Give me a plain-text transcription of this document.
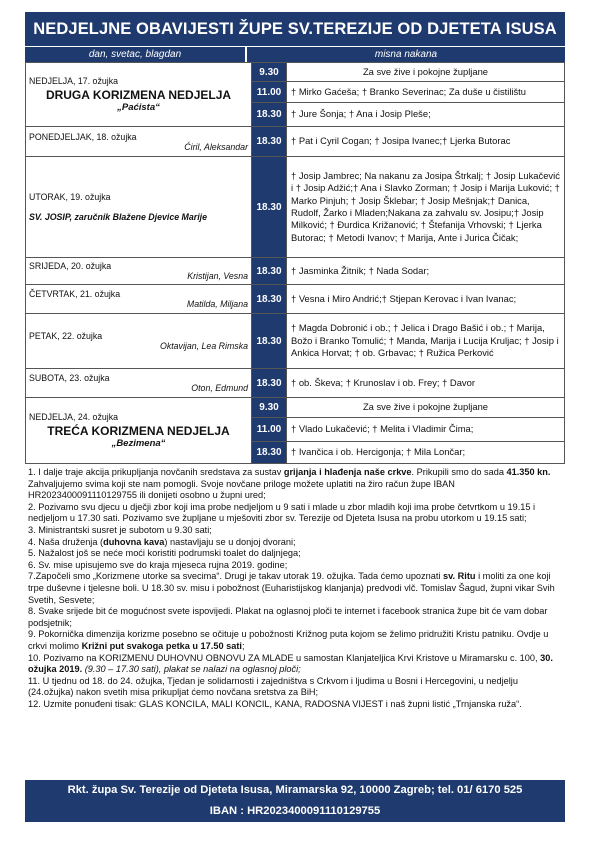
NEDJELJNE OBAVIJESTI ŽUPE SV.TEREZIJE OD DJETETA ISUSA
dan, svetac, blagdan	misna nakana
NEDJELJA, 17. ožujka
DRUGA KORIZMENA NEDJELJA
„Paćista“	9.30	Za sve žive i pokojne župljane
	11.00	† Mirko Gaćeša; † Branko Severinac; Za duše u čistilištu
	18.30	† Jure Šonja; † Ana i Josip Pleše;

PONEDJELJAK, 18. ožujka
Ćiril, Aleksandar	18.30	† Pat i Cyril Cogan; † Josipa Ivanec;† Ljerka Butorac

UTORAK, 19. ožujka
SV. JOSIP, zaručnik Blažene Djevice Marije	18.30	† Josip Jambrec; Na nakanu za Josipa Štrkalj; † Josip Lukačević i † Josip Adžić;† Ana i Slavko Zorman; † Josip i Marija Luković; † Marko Pinjuh; † Josip Šklebar; † Josip Mešnjak;† Danica, Rudolf, Žarko i Mladen;Nakana za zahvalu sv. Josipu;† Josip Milković; † Đurdica Križanović; † Štefanija Vrhovski; † Ljerka Butorac; † Metodi Ivanov; † Marija, Ante i Jurica Čičak;

SRIJEDA, 20. ožujka
Kristijan, Vesna	18.30	† Jasminka Žitnik; † Nada Sodar;

ČETVRTAK, 21. ožujka
Matilda, Miljana	18.30	† Vesna i Miro Andrić;† Stjepan Kerovac i Ivan Ivanac;

PETAK, 22. ožujka
Oktavijan, Lea Rimska	18.30	† Magda Dobronić i ob.; † Jelica i Drago Bašić i ob.; † Marija, Božo i Branko Tomulić; † Manda, Marija i Lucija Kruljac; † Josip i Ankica Horvat; † ob. Grbavac; † Ružica Perković

SUBOTA, 23. ožujka
Oton, Edmund	18.30	† ob. Škeva; † Krunoslav i ob. Frey; † Davor

NEDJELJA, 24. ožujka
TREĆA KORIZMENA NEDJELJA
„Bezimena“	9.30	Za sve žive i pokojne župljane
	11.00	† Vlado Lukačević; † Melita i Vladimir Čima;
	18.30	† Ivančica i ob. Hercigonja; † Mila Lončar;

1. I dalje traje akcija prikupljanja novčanih sredstava za sustav grijanja i hlađenja naše crkve. Prikupili smo do sada 41.350 kn. Zahvaljujemo svima koji ste nam pomogli. Svoje novčane priloge možete uplatiti na žiro račun župe IBAN HR2023400091110129755 ili donijeti osobno u župni ured;

2. Pozivamo svu djecu u dječji zbor koji ima probe nedjeljom u 9 sati i mlade u zbor mladih koji ima probe četvrtkom u 19.15 i nedjeljom u 17.30 sati. Pozivamo sve župljane u mješoviti zbor sv. Terezije od Djeteta Isusa na probu utorkom u 19.15 sati;

3. Ministrantski susret je subotom u 9.30 sati;

4. Naša druženja (duhovna kava) nastavljaju se u donjoj dvorani;

5. Nažalost još se neće moći koristiti podrumski toalet do daljnjega;

6. Sv. mise upisujemo sve do kraja mjeseca rujna 2019. godine;

7.Započeli smo „Korizmene utorke sa svecima“. Drugi je takav utorak 19. ožujka. Tada ćemo upoznati sv. Ritu i moliti za one koji trpe duševne i tjelesne boli. U 18.30 sv. misu i pobožnost (Euharistijskog klanjanja) predvodi vlč. Tomislav Šagud, župni vikar Svih Svetih, Sesvete;

8. Svake srijede bit će mogućnost svete ispovijedi. Plakat na oglasnoj ploči te internet i facebook stranica župe bit će vam dobar podsjetnik;

9. Pokornička dimenzija korizme posebno se očituje u pobožnosti Križnog puta kojom se želimo pridružiti Kristu patniku. Ovdje u crkvi molimo Križni put svakoga petka u 17.50 sati;

10. Pozivamo na KORIZMENU DUHOVNU OBNOVU ZA MLADE u samostan Klanjateljica Krvi Kristove u Miramarsku c. 100, 30. ožujka 2019. (9.30 – 17.30 sati), plakat se nalazi na oglasnoj ploči;

11. U tjednu od 18. do 24. ožujka, Tjedan je solidarnosti i zajedništva s Crkvom i ljudima u Bosni i Hercegovini, u nedjelju (24.ožujka) nakon svetih misa prikupljat ćemo novčana sretstva za BiH;

12. Uzmite ponuđeni tisak: GLAS KONCILA, MALI KONCIL, KANA, RADOSNA VIJEST i naš župni listić „Trnjanska ruža“.

Rkt. župa Sv. Terezije od Djeteta Isusa, Miramarska 92, 10000 Zagreb; tel. 01/ 6170 525
IBAN : HR2023400091110129755
